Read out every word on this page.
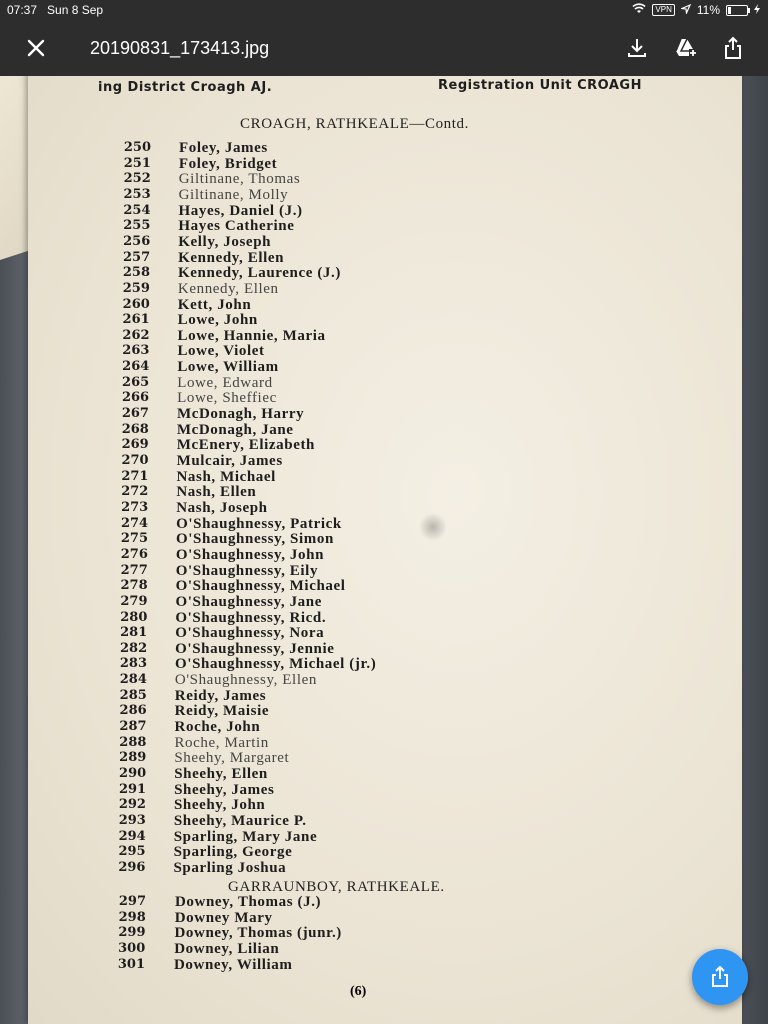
ing District Croagh AJ.	Registration Unit CROAGH
CROAGH, RATHKEALE—Contd.
250 Foley, James
251 Foley, Bridget
252 Giltinane, Thomas
253 Giltinane, Molly
254 Hayes, Daniel (J.)
255 Hayes Catherine
256 Kelly, Joseph
257 Kennedy, Ellen
258 Kennedy, Laurence (J.)
259 Kennedy, Ellen
260 Kett, John
261 Lowe, John
262 Lowe, Hannie, Maria
263 Lowe, Violet
264 Lowe, William
265 Lowe, Edward
266 Lowe, Sheffiec
267 McDonagh, Harry
268 McDonagh, Jane
269 McEnery, Elizabeth
270 Mulcair, James
271 Nash, Michael
272 Nash, Ellen
273 Nash, Joseph
274 O'Shaughnessy, Patrick
275 O'Shaughnessy, Simon
276 O'Shaughnessy, John
277 O'Shaughnessy, Eily
278 O'Shaughnessy, Michael
279 O'Shaughnessy, Jane
280 O'Shaughnessy, Ricd.
281 O'Shaughnessy, Nora
282 O'Shaughnessy, Jennie
283 O'Shaughnessy, Michael (jr.)
284 O'Shaughnessy, Ellen
285 Reidy, James
286 Reidy, Maisie
287 Roche, John
288 Roche, Martin
289 Sheehy, Margaret
290 Sheehy, Ellen
291 Sheehy, James
292 Sheehy, John
293 Sheehy, Maurice P.
294 Sparling, Mary Jane
295 Sparling, George
296 Sparling Joshua
GARRAUNBOY, RATHKEALE.
297 Downey, Thomas (J.)
298 Downey Mary
299 Downey, Thomas (junr.)
300 Downey, Lilian
301 Downey, William
(6)
07:37 Sun 8 Sep	VPN 11%
20190831_173413.jpg
